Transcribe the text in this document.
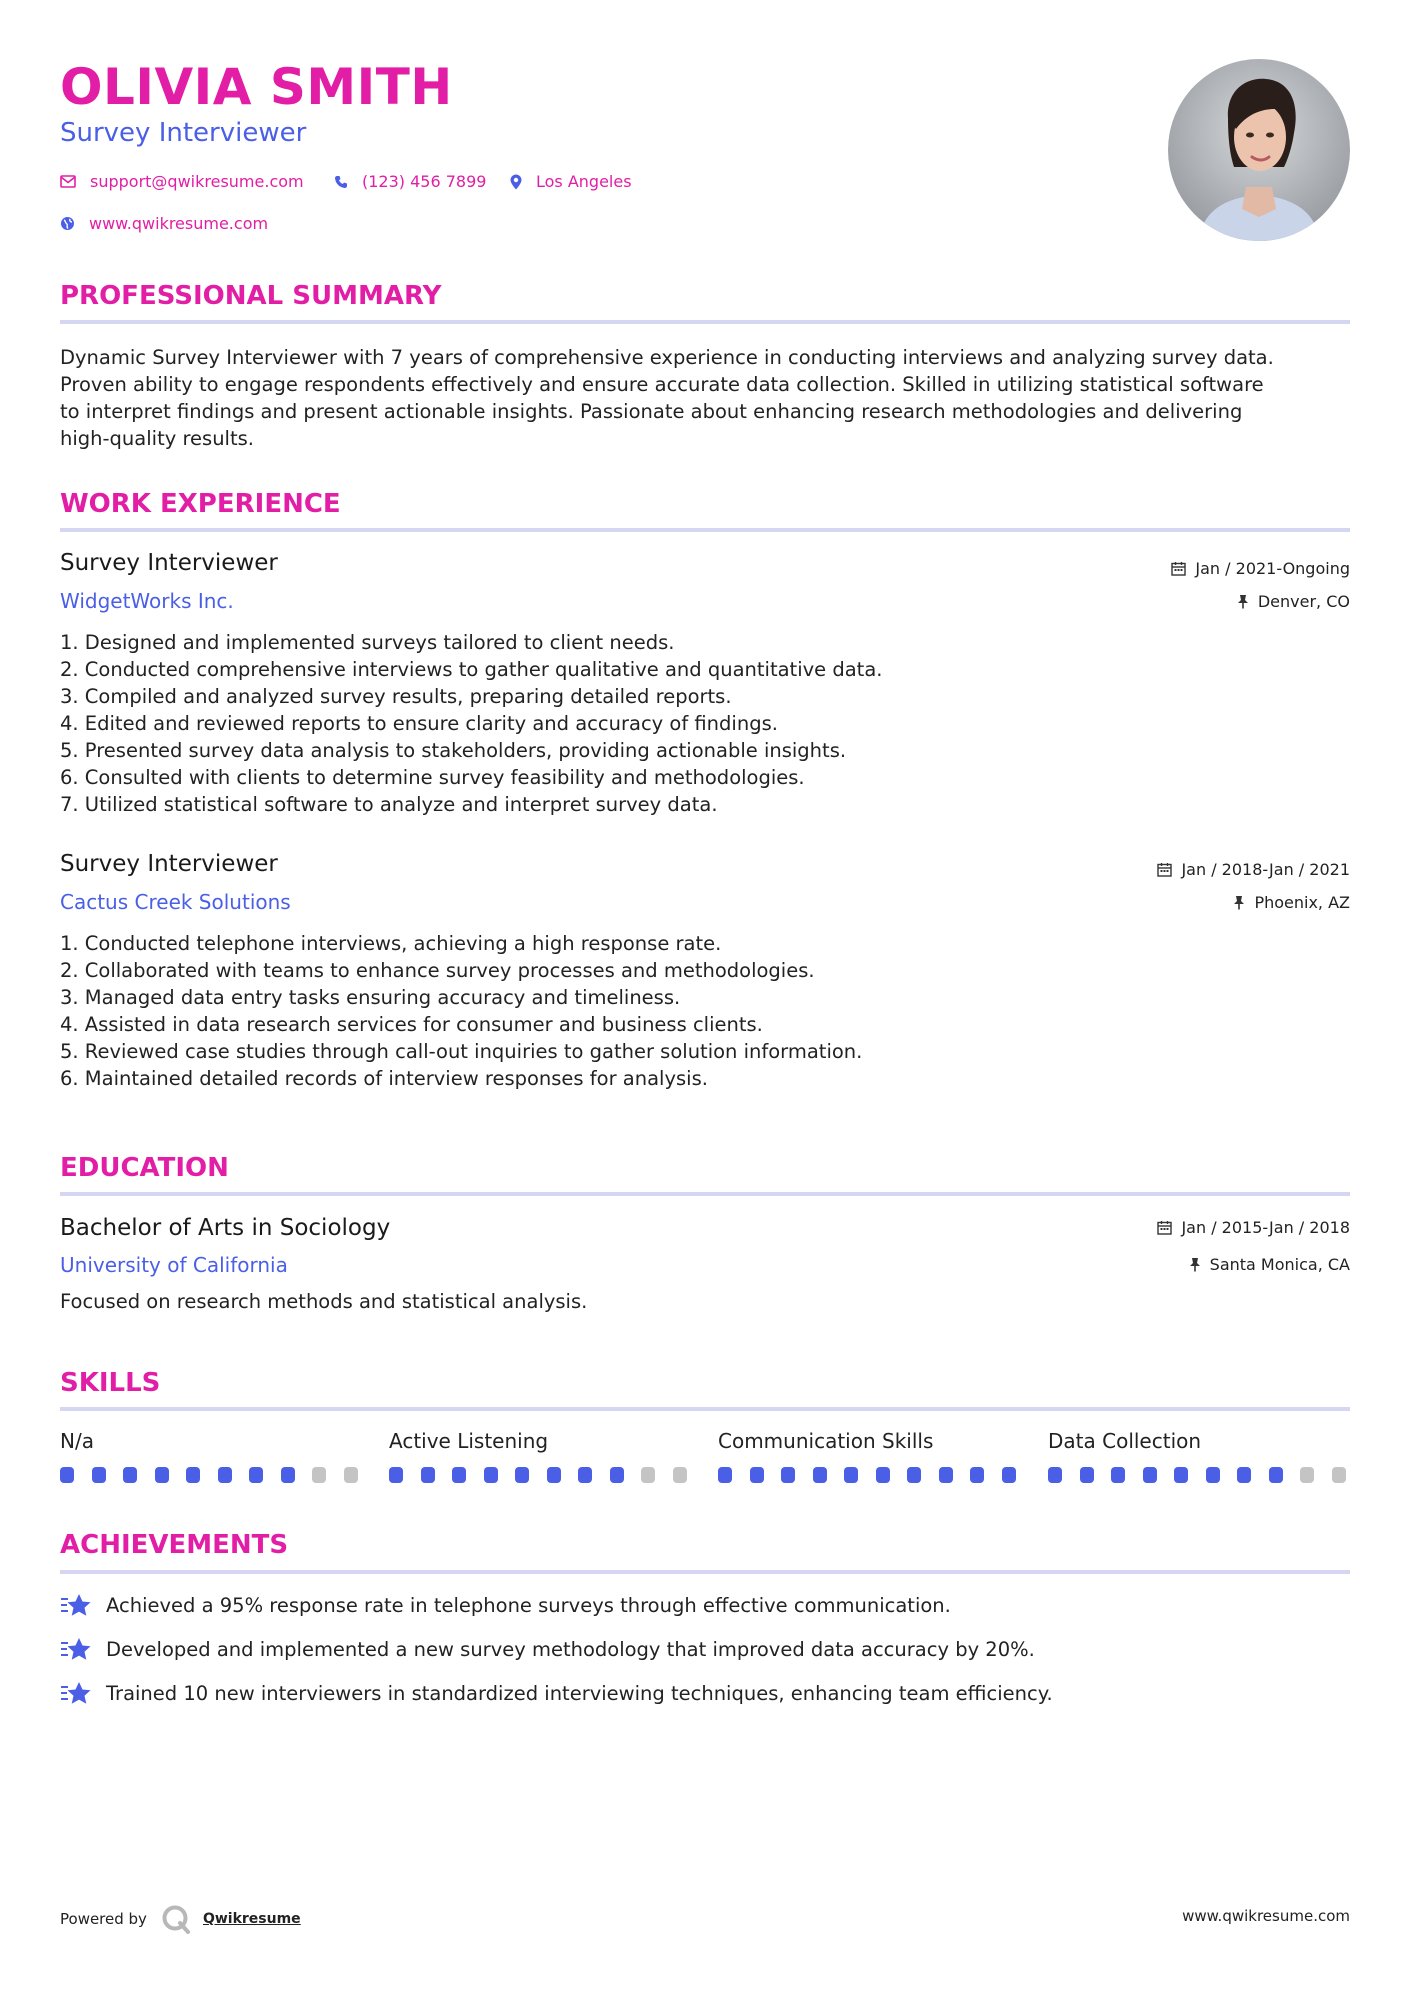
OLIVIA SMITH
Survey Interviewer
support@qwikresume.com	(123) 456 7899	Los Angeles
www.qwikresume.com
PROFESSIONAL SUMMARY
Dynamic Survey Interviewer with 7 years of comprehensive experience in conducting interviews and analyzing survey data.
Proven ability to engage respondents effectively and ensure accurate data collection. Skilled in utilizing statistical software
to interpret findings and present actionable insights. Passionate about enhancing research methodologies and delivering
high-quality results.
WORK EXPERIENCE
Survey Interviewer
WidgetWorks Inc.
Jan / 2021-Ongoing
Denver, CO
1. Designed and implemented surveys tailored to client needs.
2. Conducted comprehensive interviews to gather qualitative and quantitative data.
3. Compiled and analyzed survey results, preparing detailed reports.
4. Edited and reviewed reports to ensure clarity and accuracy of findings.
5. Presented survey data analysis to stakeholders, providing actionable insights.
6. Consulted with clients to determine survey feasibility and methodologies.
7. Utilized statistical software to analyze and interpret survey data.
Survey Interviewer
Cactus Creek Solutions
Jan / 2018-Jan / 2021
Phoenix, AZ
1. Conducted telephone interviews, achieving a high response rate.
2. Collaborated with teams to enhance survey processes and methodologies.
3. Managed data entry tasks ensuring accuracy and timeliness.
4. Assisted in data research services for consumer and business clients.
5. Reviewed case studies through call-out inquiries to gather solution information.
6. Maintained detailed records of interview responses for analysis.
EDUCATION
Bachelor of Arts in Sociology
University of California
Jan / 2015-Jan / 2018
Santa Monica, CA
Focused on research methods and statistical analysis.
SKILLS
N/a	Active Listening	Communication Skills	Data Collection
ACHIEVEMENTS
Achieved a 95% response rate in telephone surveys through effective communication.
Developed and implemented a new survey methodology that improved data accuracy by 20%.
Trained 10 new interviewers in standardized interviewing techniques, enhancing team efficiency.
Powered by	Qwikresume	www.qwikresume.com
